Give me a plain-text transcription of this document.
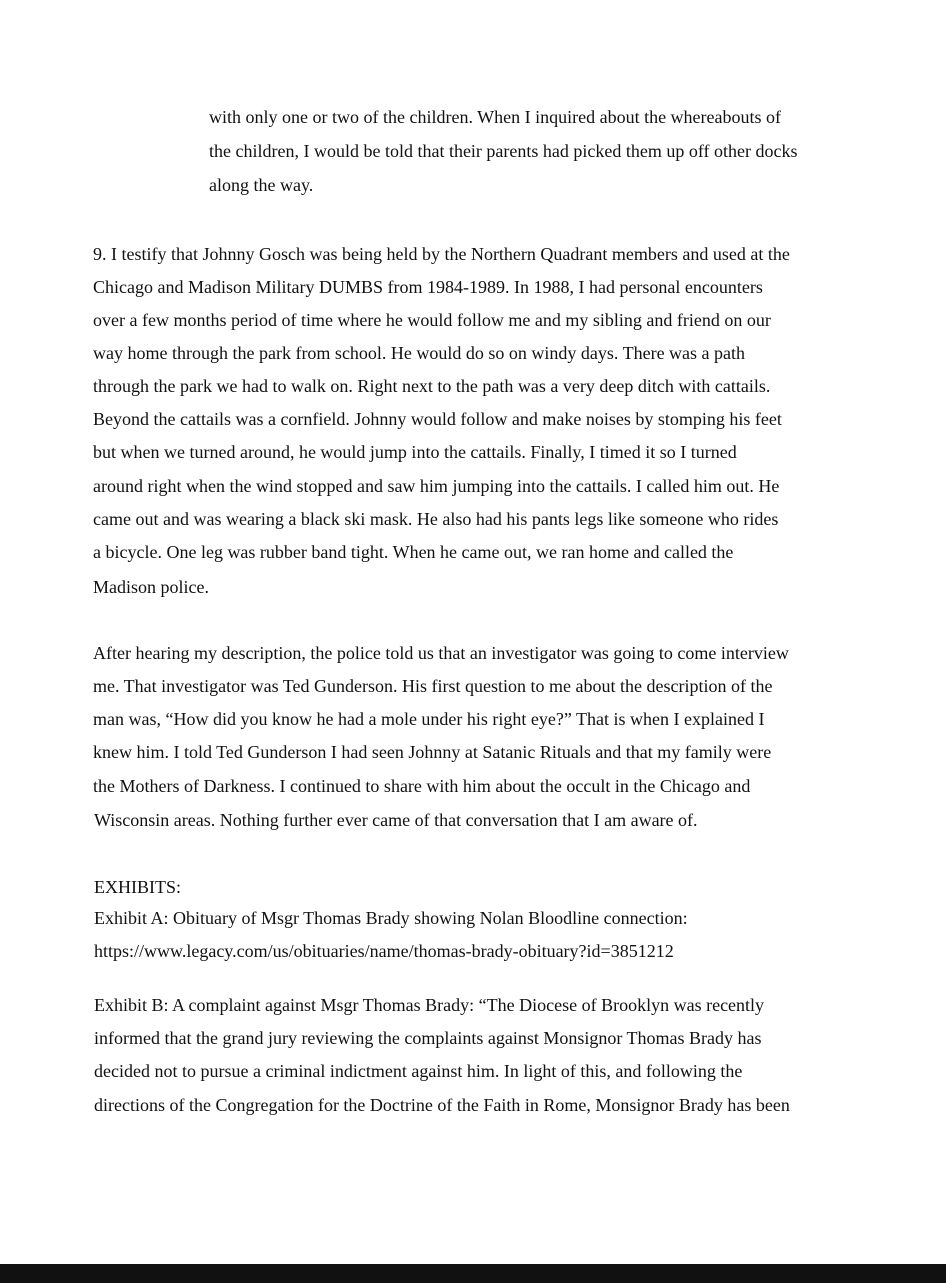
with only one or two of the children. When I inquired about the whereabouts of
the children, I would be told that their parents had picked them up off other docks
along the way.
9. I testify that Johnny Gosch was being held by the Northern Quadrant members and used at the
Chicago and Madison Military DUMBS from 1984-1989. In 1988, I had personal encounters
over a few months period of time where he would follow me and my sibling and friend on our
way home through the park from school. He would do so on windy days. There was a path
through the park we had to walk on. Right next to the path was a very deep ditch with cattails.
Beyond the cattails was a cornfield. Johnny would follow and make noises by stomping his feet
but when we turned around, he would jump into the cattails. Finally, I timed it so I turned
around right when the wind stopped and saw him jumping into the cattails. I called him out. He
came out and was wearing a black ski mask. He also had his pants legs like someone who rides
a bicycle. One leg was rubber band tight. When he came out, we ran home and called the
Madison police.
After hearing my description, the police told us that an investigator was going to come interview
me. That investigator was Ted Gunderson. His first question to me about the description of the
man was, “How did you know he had a mole under his right eye?” That is when I explained I
knew him. I told Ted Gunderson I had seen Johnny at Satanic Rituals and that my family were
the Mothers of Darkness. I continued to share with him about the occult in the Chicago and
Wisconsin areas. Nothing further ever came of that conversation that I am aware of.
EXHIBITS:
Exhibit A: Obituary of Msgr Thomas Brady showing Nolan Bloodline connection:
https://www.legacy.com/us/obituaries/name/thomas-brady-obituary?id=3851212
Exhibit B: A complaint against Msgr Thomas Brady: “The Diocese of Brooklyn was recently
informed that the grand jury reviewing the complaints against Monsignor Thomas Brady has
decided not to pursue a criminal indictment against him. In light of this, and following the
directions of the Congregation for the Doctrine of the Faith in Rome, Monsignor Brady has been
